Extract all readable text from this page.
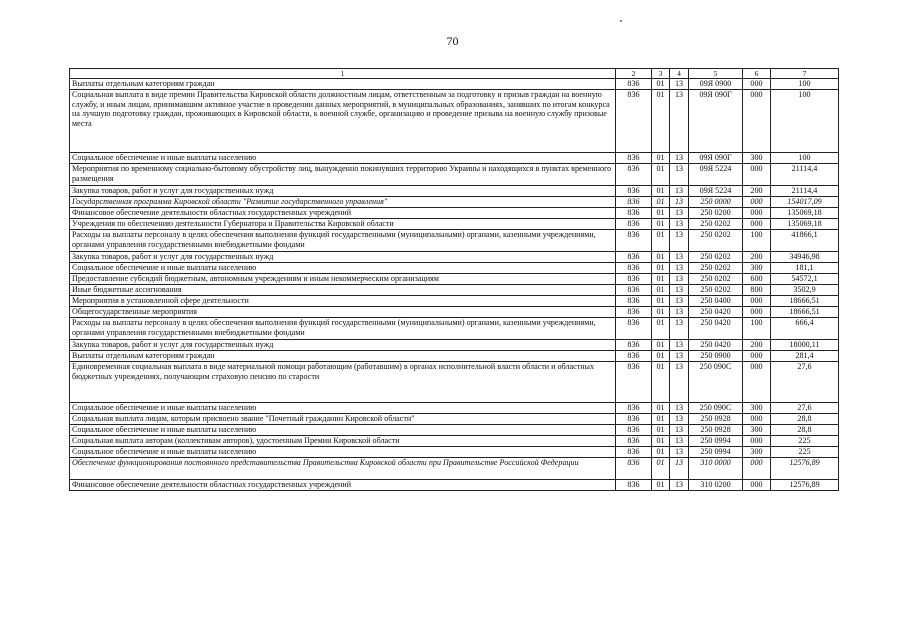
70
1	2	3	4	5	6	7
Выплаты отдельным категориям граждан	836	01	13	09Я 0900	000	100
Социальная выплата в виде премии Правительства Кировской области должностным лицам, ответственным за подготовку и призыв граждан на военную службу, и иным лицам, принимавшим активное участие в проведении данных мероприятий, в муниципальных образованиях, занявших по итогам конкурса на лучшую подготовку граждан, проживающих в Кировской области, к военной службе, организацию и проведение призыва на военную службу призовые места	836	01	13	09Я 090Г	000	100
Социальное обеспечение и иные выплаты населению	836	01	13	09Я 090Г	300	100
Мероприятия по временному социально-бытовому обустройству лиц, вынужденно покинувших территорию Украины и находящихся в пунктах временного размещения	836	01	13	09Я 5224	000	21114,4
Закупка товаров, работ и услуг для государственных нужд	836	01	13	09Я 5224	200	21114,4
Государственная программа Кировской области "Развитие государственного управления"	836	01	13	250 0000	000	154017,09
Финансовое обеспечение деятельности областных государственных учреждений	836	01	13	250 0200	000	135069,18
Учреждения по обеспечению деятельности Губернатора и Правительства Кировской области	836	01	13	250 0202	000	135069,18
Расходы на выплаты персоналу в целях обеспечения выполнения функций государственными (муниципальными) органами, казенными учреждениями, органами управления государственными внебюджетными фондами	836	01	13	250 0202	100	41866,1
Закупка товаров, работ и услуг для государственных нужд	836	01	13	250 0202	200	34946,98
Социальное обеспечение и иные выплаты населению	836	01	13	250 0202	300	181,1
Предоставление субсидий бюджетным, автономным учреждениям и иным некоммерческим организациям	836	01	13	250 0202	600	54572,1
Иные бюджетные ассигнования	836	01	13	250 0202	800	3502,9
Мероприятия в установленной сфере деятельности	836	01	13	250 0400	000	18666,51
Общегосударственные мероприятия	836	01	13	250 0420	000	18666,51
Расходы на выплаты персоналу в целях обеспечения выполнения функций государственными (муниципальными) органами, казенными учреждениями, органами управления государственными внебюджетными фондами	836	01	13	250 0420	100	666,4
Закупка товаров, работ и услуг для государственных нужд	836	01	13	250 0420	200	18000,11
Выплаты отдельным категориям граждан	836	01	13	250 0900	000	281,4
Единовременная социальная выплата в виде материальной помощи работающим (работавшим) в органах исполнительной власти области и областных бюджетных учреждениях, получающим страховую пенсию по старости	836	01	13	250 090С	000	27,6
Социальное обеспечение и иные выплаты населению	836	01	13	250 090С	300	27,6
Социальная выплата лицам, которым присвоено звание "Почетный гражданин Кировской области"	836	01	13	250 0928	000	28,8
Социальное обеспечение и иные выплаты населению	836	01	13	250 0928	300	28,8
Социальная выплата авторам (коллективам авторов), удостоенным Премии Кировской области	836	01	13	250 0994	000	225
Социальное обеспечение и иные выплаты населению	836	01	13	250 0994	300	225
Обеспечение функционирования постоянного представительства Правительства Кировской области при Правительстве Российской Федерации	836	01	13	310 0000	000	12576,89
Финансовое обеспечение деятельности областных государственных учреждений	836	01	13	310 0200	000	12576,89
